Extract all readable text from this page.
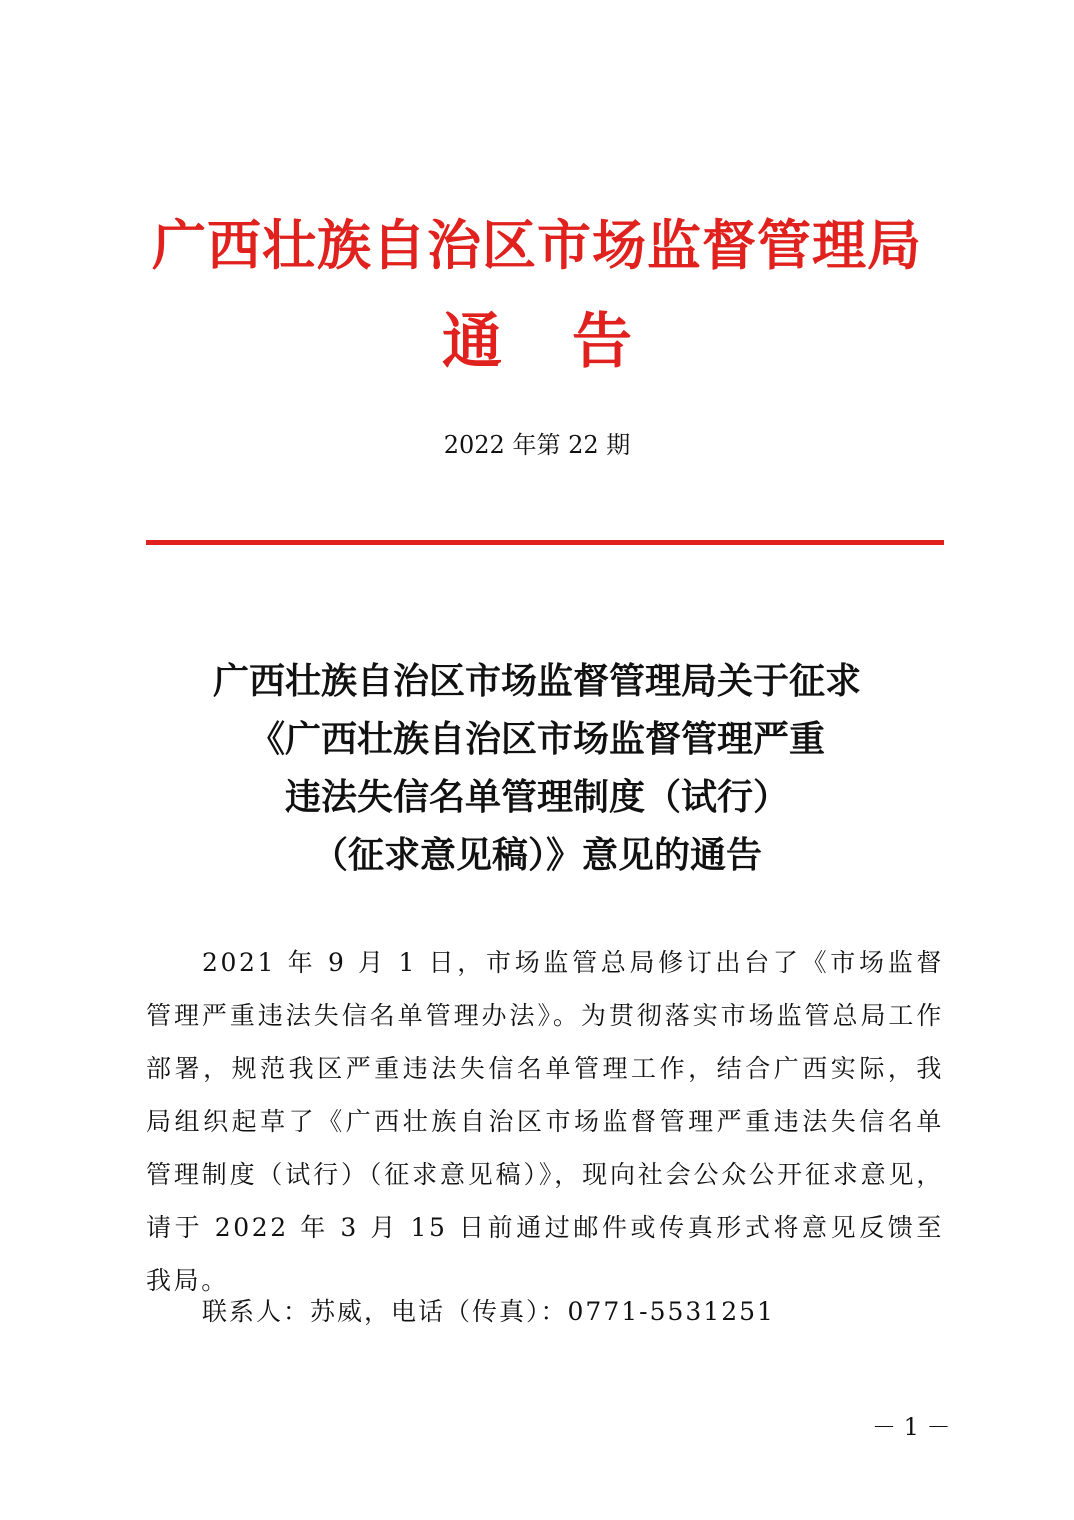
广西壮族自治区市场监督管理局
通 告
2022 年第 22 期
广西壮族自治区市场监督管理局关于征求
《广西壮族自治区市场监督管理严重
违法失信名单管理制度（试行）
（征求意见稿）》意见的通告

2021 年 9 月 1 日，市场监管总局修订出台了《市场监督管理严重违法失信名单管理办法》。为贯彻落实市场监管总局工作部署，规范我区严重违法失信名单管理工作，结合广西实际，我局组织起草了《广西壮族自治区市场监督管理严重违法失信名单管理制度（试行）（征求意见稿）》，现向社会公众公开征求意见，请于 2022 年 3 月 15 日前通过邮件或传真形式将意见反馈至我局。

联系人：苏威，电话（传真）：0771-5531251
－ 1 －
